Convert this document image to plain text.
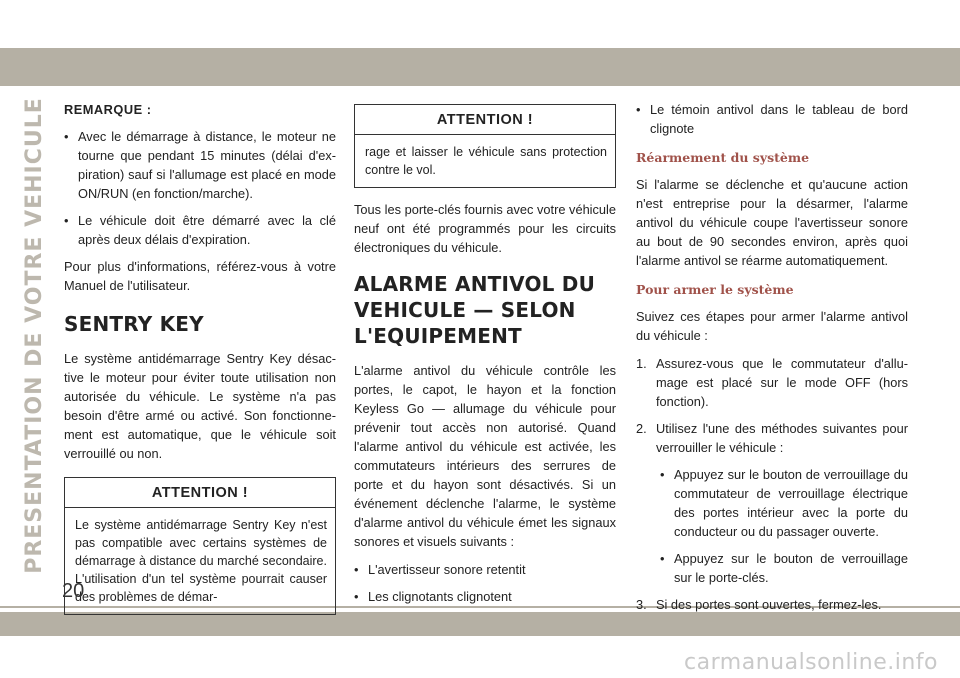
PRESENTATION DE VOTRE VEHICULE REMARQUE :
• Avec le démarrage à distance, le moteur ne tourne que pendant 15 minutes (délai d'expiration) sauf si l'allumage est placé en mode ON/RUN (en fonction/marche).
• Le véhicule doit être démarré avec la clé après deux délais d'expiration.

Pour plus d'informations, référez-vous à votre Manuel de l'utilisateur.

SENTRY KEY

Le système antidémarrage Sentry Key désactive le moteur pour éviter toute utilisation non autorisée du véhicule. Le système n'a pas besoin d'être armé ou activé. Son fonctionnement est automatique, que le véhicule soit verrouillé ou non.

ATTENTION !
Le système antidémarrage Sentry Key n'est pas compatible avec certains systèmes de démarrage à distance du marché secondaire. L'utilisation d'un tel système pourrait causer des problèmes de démar-
ATTENTION !
rage et laisser le véhicule sans protection contre le vol.

Tous les porte-clés fournis avec votre véhicule neuf ont été programmés pour les circuits électroniques du véhicule.

ALARME ANTIVOL DU VEHICULE — SELON L'EQUIPEMENT

L'alarme antivol du véhicule contrôle les portes, le capot, le hayon et la fonction Keyless Go — allumage du véhicule pour prévenir tout accès non autorisé. Quand l'alarme antivol du véhicule est activée, les commutateurs intérieurs des serrures de porte et du hayon sont désactivés. Si un événement déclenche l'alarme, le système d'alarme antivol du véhicule émet les signaux sonores et visuels suivants :

• L'avertisseur sonore retentit
• Les clignotants clignotent
• Le témoin antivol dans le tableau de bord clignote
Réarmement du système

Si l'alarme se déclenche et qu'aucune action n'est entreprise pour la désarmer, l'alarme antivol du véhicule coupe l'avertisseur sonore au bout de 90 secondes environ, après quoi l'alarme antivol se réarme automatiquement.

Pour armer le système

Suivez ces étapes pour armer l'alarme antivol du véhicule :

1. Assurez-vous que le commutateur d'allumage est placé sur le mode OFF (hors fonction).
2. Utilisez l'une des méthodes suivantes pour verrouiller le véhicule :
• Appuyez sur le bouton de verrouillage du commutateur de verrouillage électrique des portes intérieur avec la porte du conducteur ou du passager ouverte.
• Appuyez sur le bouton de verrouillage sur le porte-clés.
3. Si des portes sont ouvertes, fermez-les.
20
carmanualsonline.info
